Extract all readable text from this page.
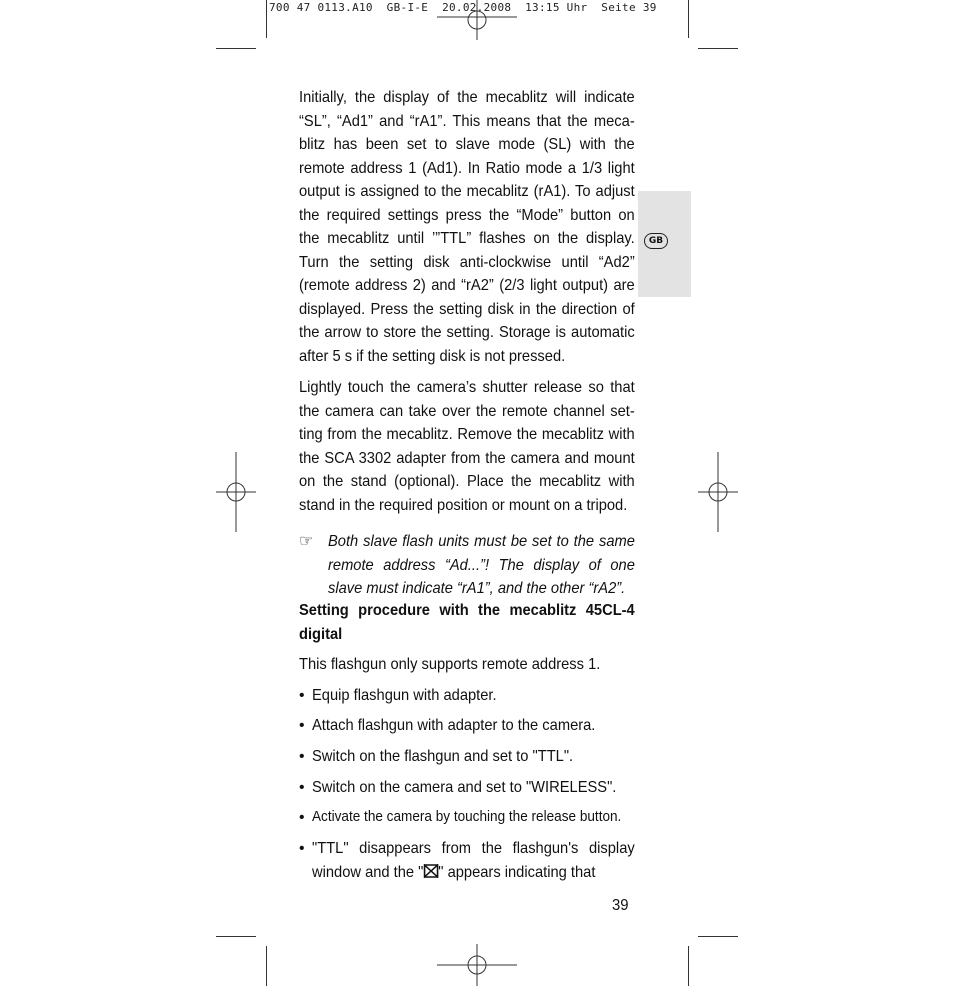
700 47 0113.A10  GB-I-E  20.02.2008  13:15 Uhr  Seite 39
GB

Initially, the display of the mecablitz will indicate “SL”, “Ad1” and “rA1”. This means that the meca-blitz has been set to slave mode (SL) with the remote address 1 (Ad1). In Ratio mode a 1/3 light output is assigned to the mecablitz (rA1). To adjust the required settings press the “Mode” button on the mecablitz until ’”TTL” flashes on the display. Turn the setting disk anti-clockwise until “Ad2” (remote address 2) and “rA2” (2/3 light output) are displayed. Press the setting disk in the direction of the arrow to store the setting. Storage is automatic after 5 s if the setting disk is not pressed.

Lightly touch the camera’s shutter release so that the camera can take over the remote channel set-ting from the mecablitz. Remove the mecablitz with the SCA 3302 adapter from the camera and mount on the stand (optional). Place the mecablitz with stand in the required position or mount on a tripod.

☞ Both slave flash units must be set to the same remote address “Ad...”! The display of one slave must indicate “rA1”, and the other “rA2”.

Setting procedure with the mecablitz 45CL-4 digital

This flashgun only supports remote address 1.

• Equip flashgun with adapter.

• Attach flashgun with adapter to the camera.

• Switch on the flashgun and set to "TTL".

• Switch on the camera and set to "WIRELESS".

• Activate the camera by touching the release button.

• "TTL" disappears from the flashgun's display window and the " " appears indicating that

39
